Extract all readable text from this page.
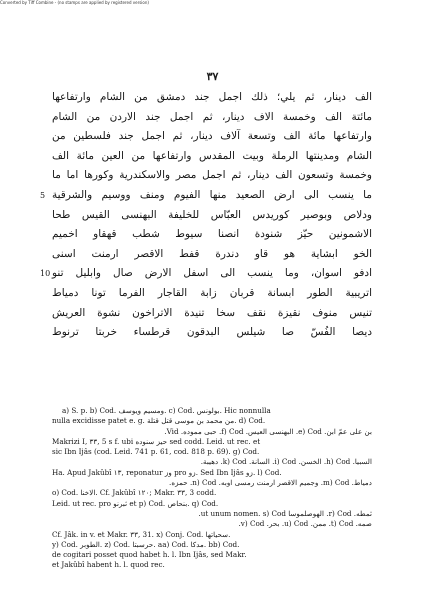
Converted by Tiff Combine - (no stamps are applied by registered version)
٣٧
الف دينار، ثم يلي؛ ذلك اجمل جند دمشق من الشام وارتفاعها
مائتة الف وخمسة الاف دينار، ثم اجمل جند الاردن من الشام
وارتفاعها مائة الف وتسعة آلاف دينار، ثم اجمل جند فلسطين من
الشام ومدينتها الرملة وبيت المقدس وارتفاعها من العين مائة الف
وخمسة وتسعون الف دينار، ثم اجمل مصر والاسكندرية وكورها اما ما
5 ما ينسب الى ارض الصعيد منها الفيوم ومنف ووسيم والشرقية
ودلاص وبوصير كوريدس العبّاس للخليفة البهنسى القيس طحا
الاشمونين حيّز شنودة انصنا سيوط شطب قهقاو اخميم
الخو ابشاية هو قاو دندرة قفط الاقصر ارمنت اسنى
10 ادفو اسوان، وما ينسب الى اسفل الارض صال وابليل تنو
اتريبية الطور ابسانة قربان زابة القاجار الفرما تونا دمياط
تنيس منوف نقيزة نقف سخا تنيدة الاتراخون نشوة العريش
ديصا الفُسّ صا شيلس البدقون قرطساء خربتا ترنوط
a) S. p. b) Cod. ومسيم ويوسف. c) Cod. بولونس. Hic nonnulla
nulla excidisse patet e. g. من محمد بن موسى قتل قتلة. d) Cod.
بن على عمّ ابن. e) Cod. البهنسى العيس. f) Cod. حبى مموده. Vid.
Makrizi I, ٣٣, 5 s f. ubi حيز سنوده sed codd. Leid. ut rec. et
sic Ibn Ijâs (cod. Leid. 741 p. 61, cod. 818 p. 69). g) Cod.
السبيا. h) Cod. الخسن. i) Cod. السانة. k) Cod. دهيبة.
Ha. Apud Jakûbî ١٣, reponatur ﻭﺯ pro ﺯﻭ. Sed Ibn Ijâs ﺯﻭ. l) Cod.
دمياط. m) Cod. وجميم الاقصر ارمنت رمسى اوبه. n) Cod. حمزه.
o) Cod. الاخنا. Cf. Jakûbî ١٢٠; Makr. ٣٣, 3 codd.
Leid. ut rec. pro ثبرنو et p) Cod. بنحاص. q) Cod.
ثمطه. r) Cod. الهوصلموسا ut unum nomen. s) Cod.
صمه. t) Cod. ممن. u) Cod. بحر. v) Cod.
Cf. Jâk. in v. et Makr. ٣٣, 31. x) Conj. Cod. سحياتها.
y) Cod. الطوبر. z) Cod. حرسبتا. aa) Cod. مدكا. bb) Cod.
de cogitari posset quod habet h. l. Ibn Ijâs, sed Makr.
et Jakûbî habent h. l. quod rec.
